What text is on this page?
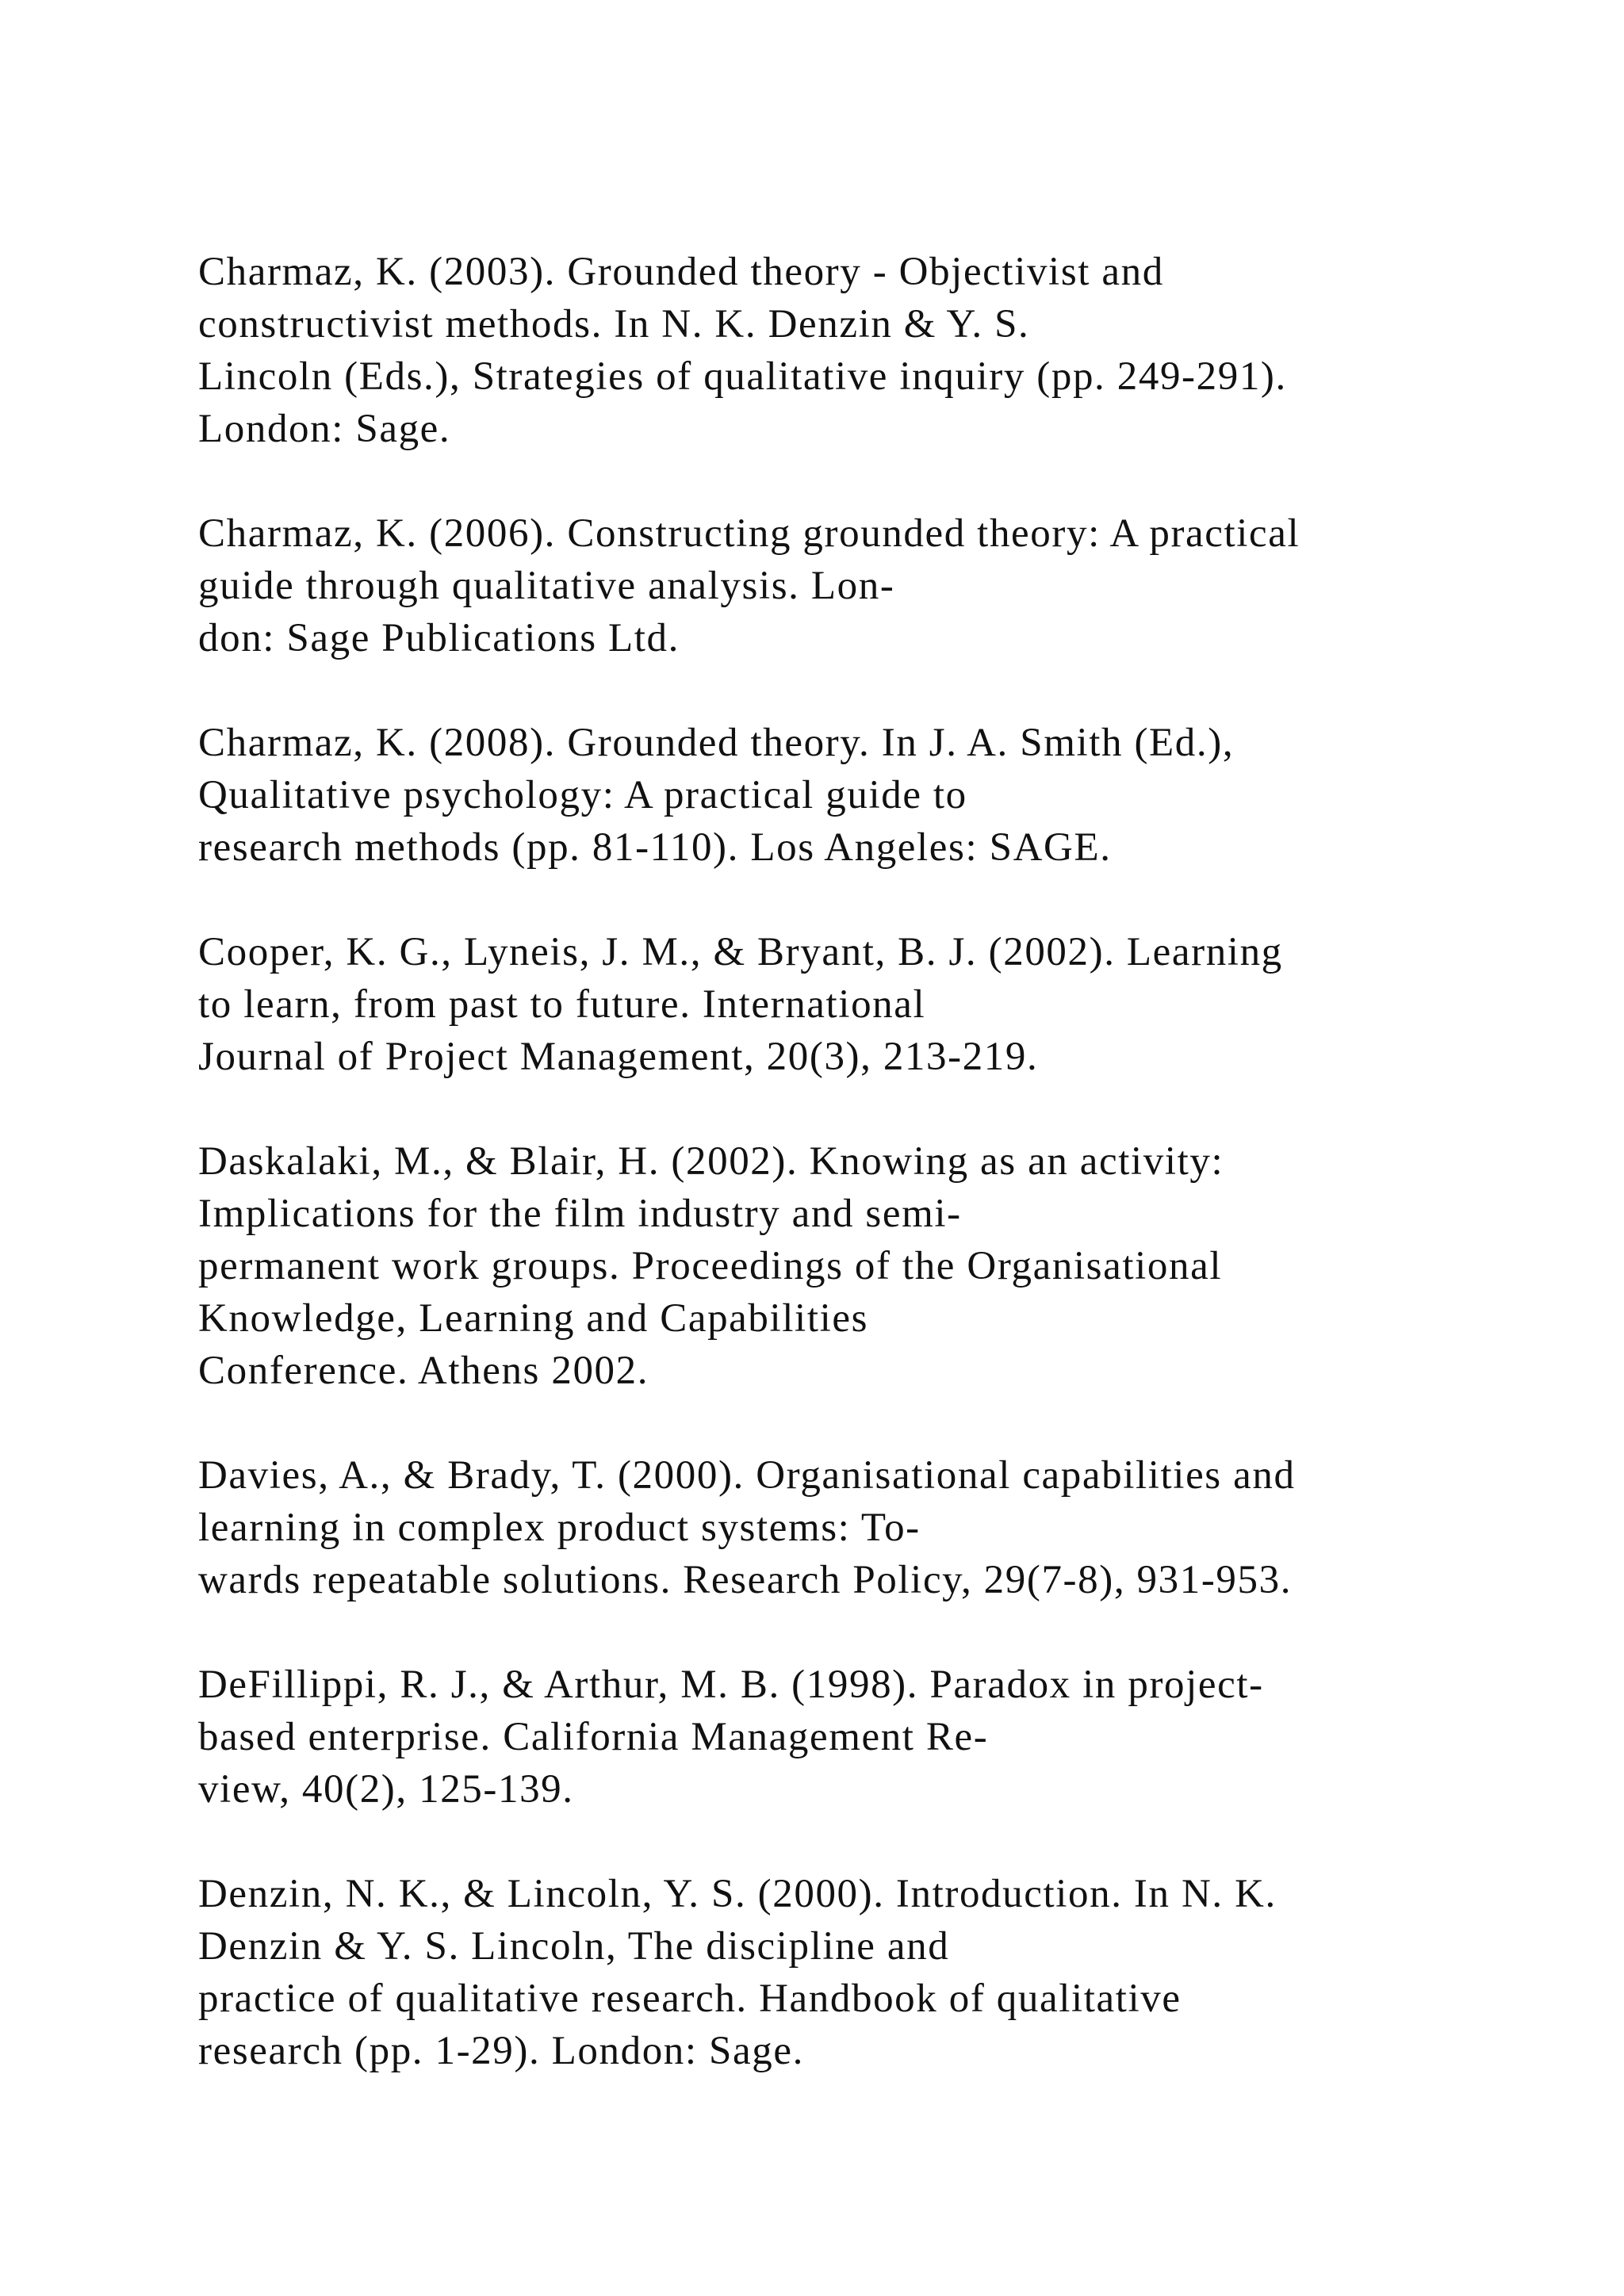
Charmaz, K. (2003). Grounded theory - Objectivist and
constructivist methods. In N. K. Denzin & Y. S.
Lincoln (Eds.), Strategies of qualitative inquiry (pp. 249-291).
London: Sage.
Charmaz, K. (2006). Constructing grounded theory: A practical
guide through qualitative analysis. Lon-
don: Sage Publications Ltd.
Charmaz, K. (2008). Grounded theory. In J. A. Smith (Ed.),
Qualitative psychology: A practical guide to
research methods (pp. 81-110). Los Angeles: SAGE.
Cooper, K. G., Lyneis, J. M., & Bryant, B. J. (2002). Learning
to learn, from past to future. International
Journal of Project Management, 20(3), 213-219.
Daskalaki, M., & Blair, H. (2002). Knowing as an activity:
Implications for the film industry and semi-
permanent work groups. Proceedings of the Organisational
Knowledge, Learning and Capabilities
Conference. Athens 2002.
Davies, A., & Brady, T. (2000). Organisational capabilities and
learning in complex product systems: To-
wards repeatable solutions. Research Policy, 29(7-8), 931-953.
DeFillippi, R. J., & Arthur, M. B. (1998). Paradox in project-
based enterprise. California Management Re-
view, 40(2), 125-139.
Denzin, N. K., & Lincoln, Y. S. (2000). Introduction. In N. K.
Denzin & Y. S. Lincoln, The discipline and
practice of qualitative research. Handbook of qualitative
research (pp. 1-29). London: Sage.
